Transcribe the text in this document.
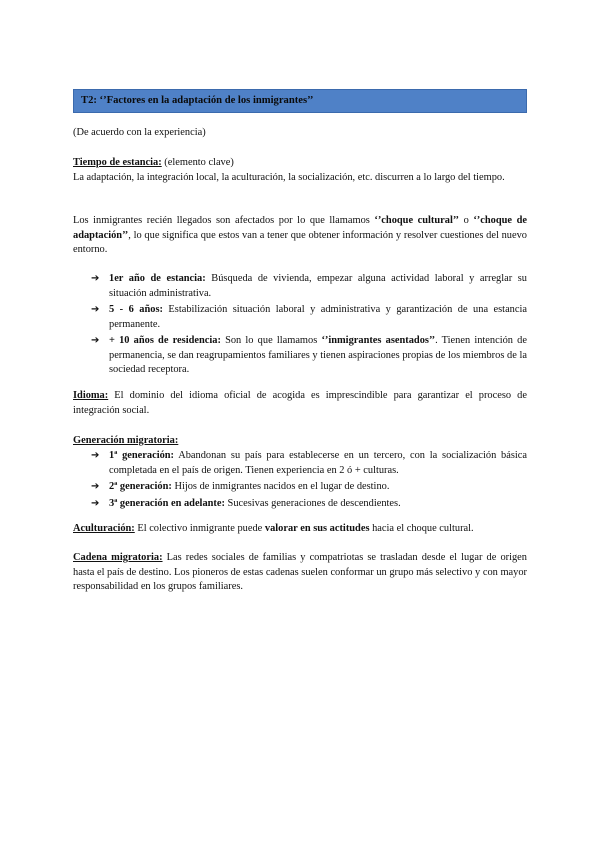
T2: ‘’Factores en la adaptación de los inmigrantes’’
(De acuerdo con la experiencia)
Tiempo de estancia: (elemento clave)
La adaptación, la integración local, la aculturación, la socialización, etc. discurren a lo largo del tiempo.
Los inmigrantes recién llegados son afectados por lo que llamamos ‘’choque cultural’’ o ‘’choque de adaptación’’, lo que significa que estos van a tener que obtener información y resolver cuestiones del nuevo entorno.
➔ 1er año de estancia: Búsqueda de vivienda, empezar alguna actividad laboral y arreglar su situación administrativa.
➔ 5 - 6 años: Estabilización situación laboral y administrativa y garantización de una estancia permanente.
➔ + 10 años de residencia: Son lo que llamamos ‘’inmigrantes asentados’’. Tienen intención de permanencia, se dan reagrupamientos familiares y tienen aspiraciones propias de los miembros de la sociedad receptora.
Idioma: El dominio del idioma oficial de acogida es imprescindible para garantizar el proceso de integración social.
Generación migratoria:
➔ 1ª generación: Abandonan su país para establecerse en un tercero, con la socialización básica completada en el país de origen. Tienen experiencia en 2 ó + culturas.
➔ 2ª generación: Hijos de inmigrantes nacidos en el lugar de destino.
➔ 3ª generación en adelante: Sucesivas generaciones de descendientes.
Aculturación: El colectivo inmigrante puede valorar en sus actitudes hacia el choque cultural.
Cadena migratoria: Las redes sociales de familias y compatriotas se trasladan desde el lugar de origen hasta el país de destino. Los pioneros de estas cadenas suelen conformar un grupo más selectivo y con mayor responsabilidad en los grupos familiares.
